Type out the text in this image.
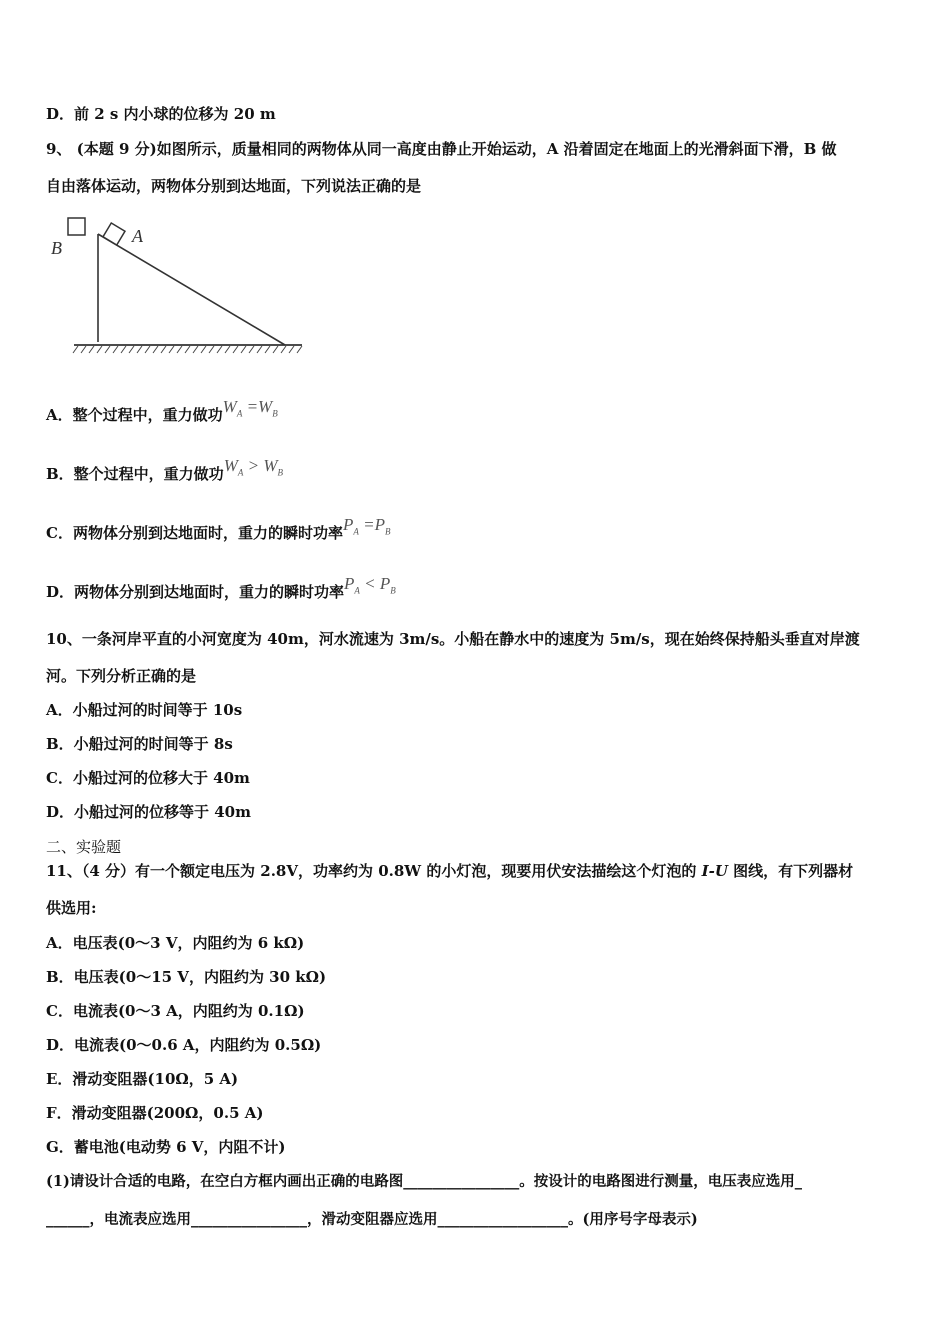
D．前 2 s 内小球的位移为 20 m
9、 (本题 9 分)如图所示，质量相同的两物体从同一高度由静止开始运动，A 沿着固定在地面上的光滑斜面下滑，B 做
自由落体运动，两物体分别到达地面，下列说法正确的是
B
A
A．整个过程中，重力做功$W_A =W_B$
B．整个过程中，重力做功$W_A > W_B$
C．两物体分别到达地面时，重力的瞬时功率$P_A =P_B$
D．两物体分别到达地面时，重力的瞬时功率$P_A < P_B$
10、一条河岸平直的小河宽度为 40m，河水流速为 3m/s。小船在静水中的速度为 5m/s，现在始终保持船头垂直对岸渡
河。下列分析正确的是
A．小船过河的时间等于 10s
B．小船过河的时间等于 8s
C．小船过河的位移大于 40m
D．小船过河的位移等于 40m
二、实验题
11、（4 分）有一个额定电压为 2.8V，功率约为 0.8W 的小灯泡，现要用伏安法描绘这个灯泡的 I-U 图线，有下列器材
供选用:
A．电压表(0～3 V，内阻约为 6 kΩ)
B．电压表(0～15 V，内阻约为 30 kΩ)
C．电流表(0～3 A，内阻约为 0.1Ω)
D．电流表(0～0.6 A，内阻约为 0.5Ω)
E．滑动变阻器(10Ω，5 A)
F．滑动变阻器(200Ω，0.5 A)
G．蓄电池(电动势 6 V，内阻不计)
(1)请设计合适的电路，在空白方框内画出正确的电路图________________。按设计的电路图进行测量，电压表应选用_
______，电流表应选用________________，滑动变阻器应选用__________________。(用序号字母表示)
